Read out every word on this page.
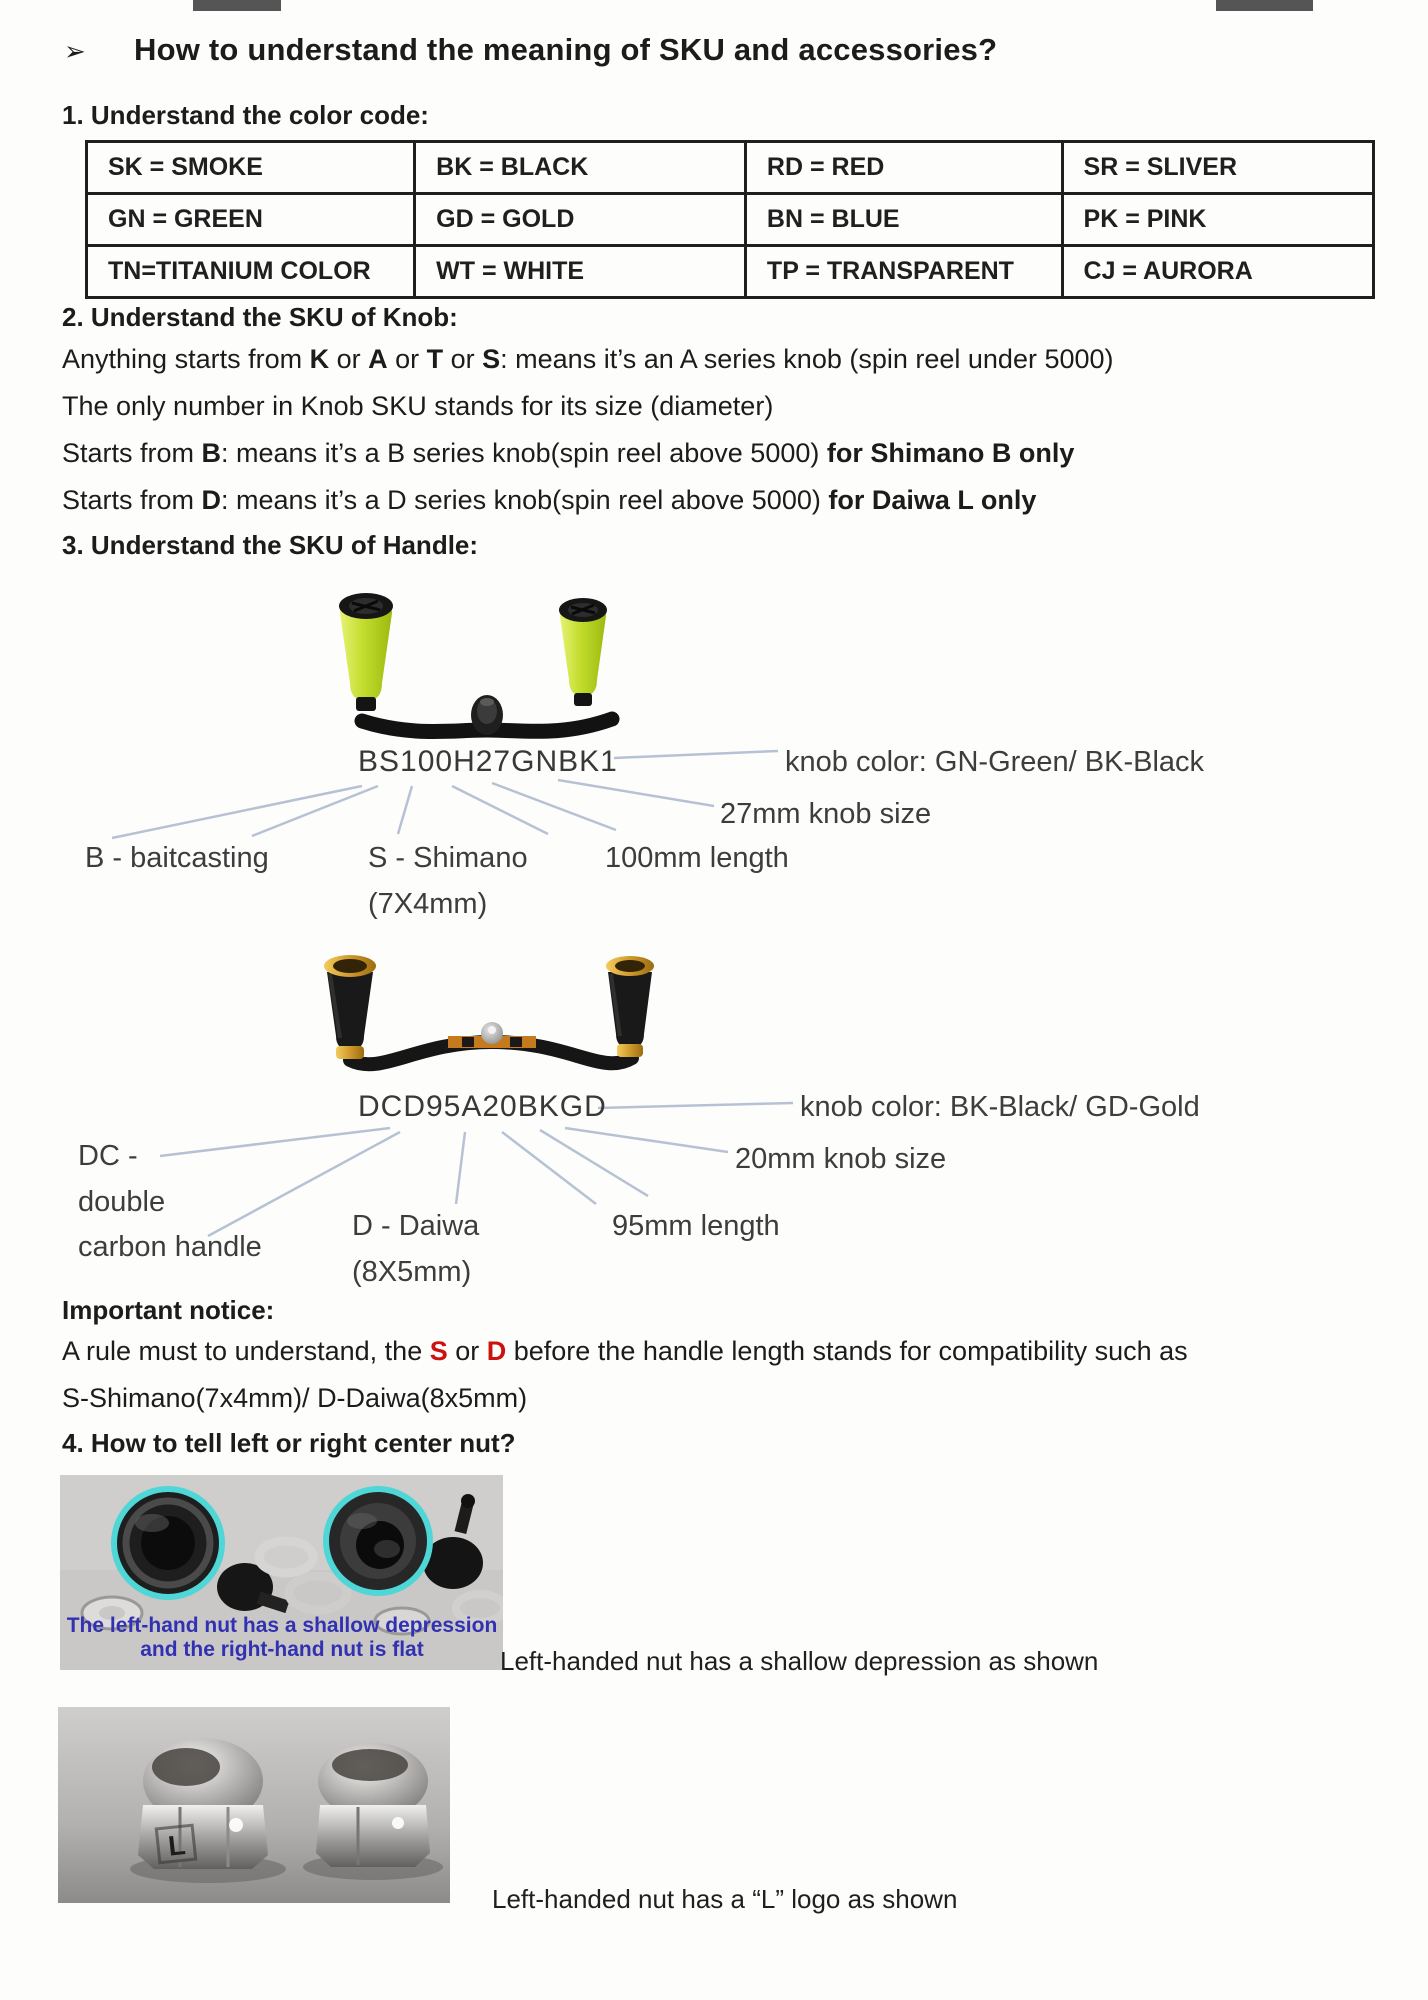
➢ How to understand the meaning of SKU and accessories?
1. Understand the color code:
SK = SMOKE	BK = BLACK	RD = RED	SR = SLIVER
GN = GREEN	GD = GOLD	BN = BLUE	PK = PINK
TN=TITANIUM COLOR	WT = WHITE	TP = TRANSPARENT	CJ = AURORA
2. Understand the SKU of Knob:
Anything starts from K or A or T or S: means it’s an A series knob (spin reel under 5000)
The only number in Knob SKU stands for its size (diameter)
Starts from B: means it’s a B series knob(spin reel above 5000) for Shimano B only
Starts from D: means it’s a D series knob(spin reel above 5000) for Daiwa L only
3. Understand the SKU of Handle:
BS100H27GNBK1	knob color: GN-Green/ BK-Black
27mm knob size
B - baitcasting	S - Shimano
(7X4mm)
100mm length
DCD95A20BKGD	knob color: BK-Black/ GD-Gold
20mm knob size
DC -
double
carbon handle
D - Daiwa
(8X5mm)
95mm length
Important notice:
A rule must to understand, the S or D before the handle length stands for compatibility such as
S-Shimano(7x4mm)/ D-Daiwa(8x5mm)
4. How to tell left or right center nut?
The left-hand nut has a shallow depression
and the right-hand nut is flat	Left-handed nut has a shallow depression as shown
L
Left-handed nut has a “L” logo as shown
